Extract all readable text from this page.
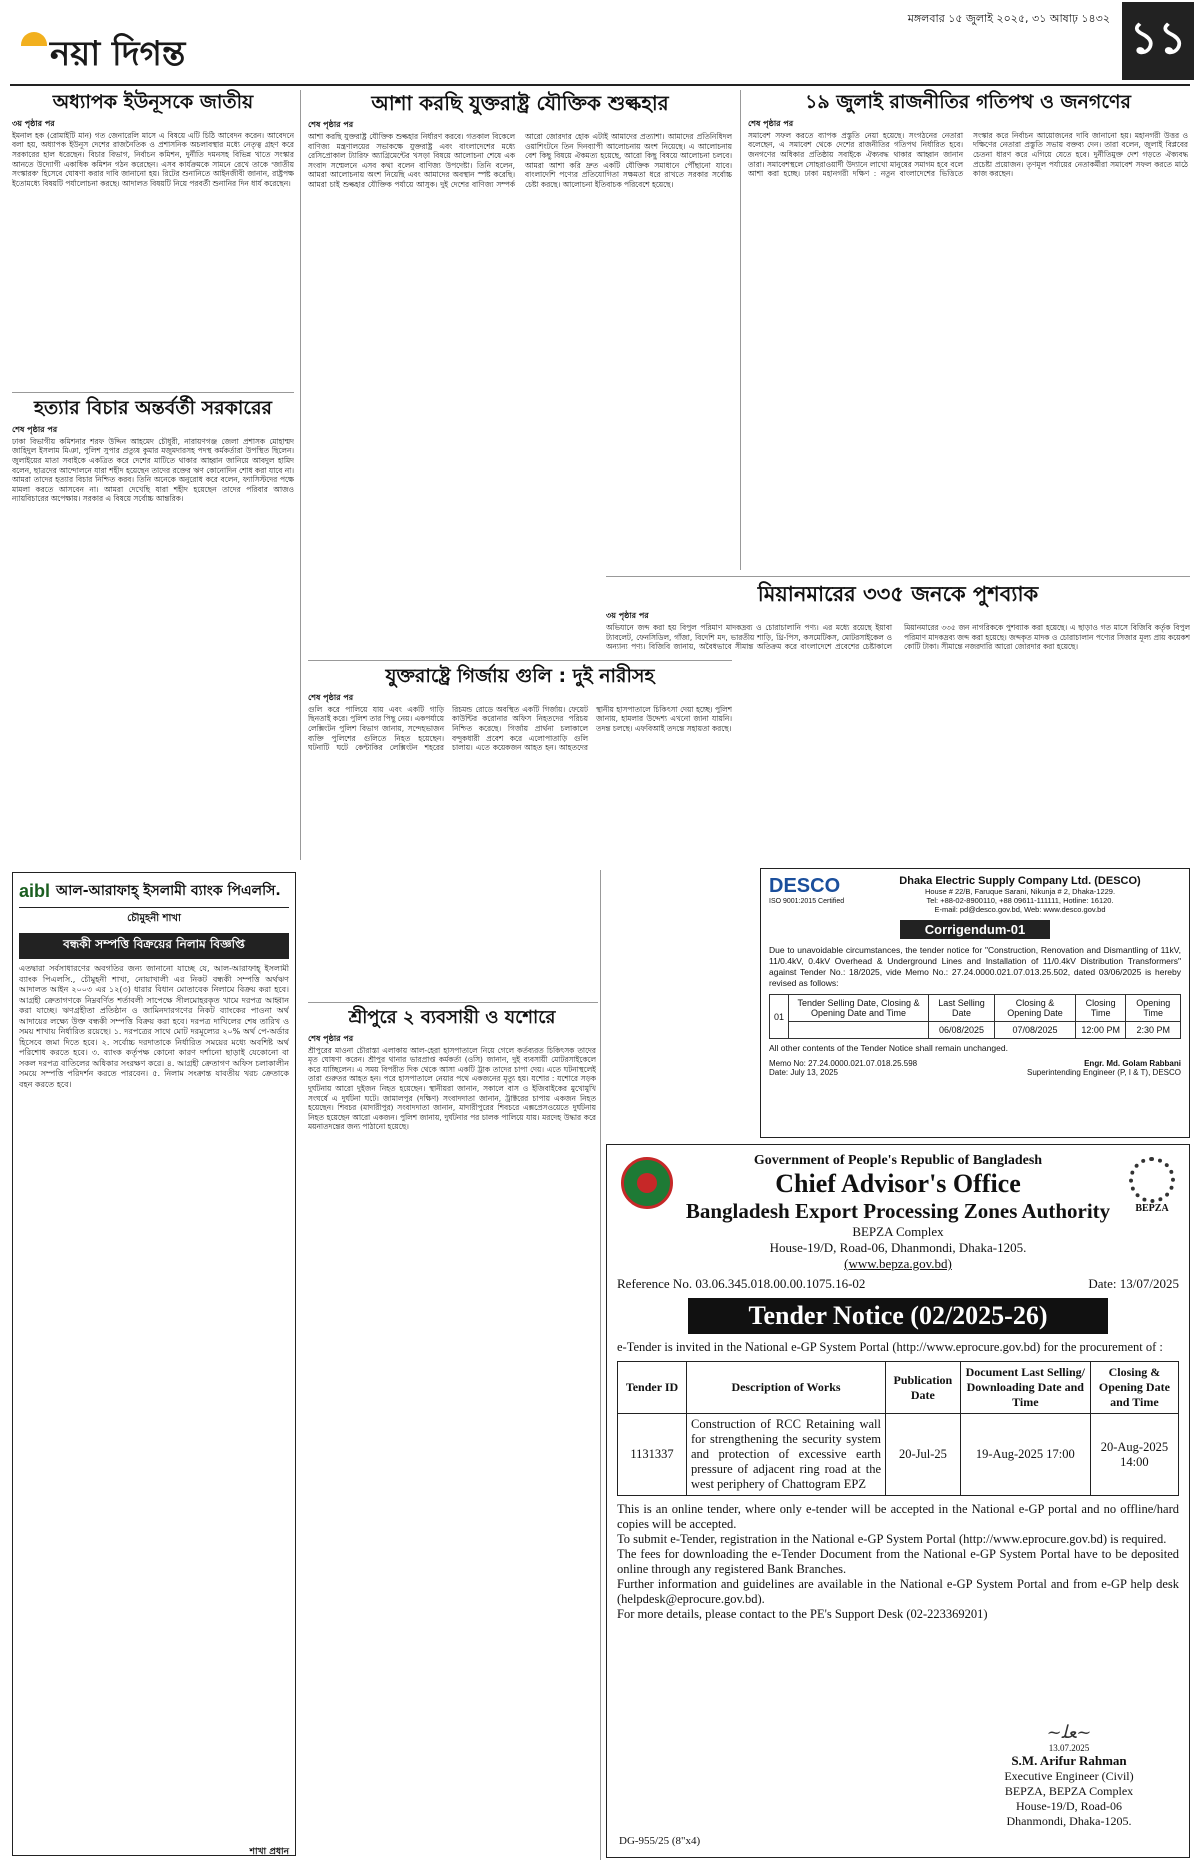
নয়া দিগন্ত
মঙ্গলবার ১৫ জুলাই ২০২৫, ৩১ আষাঢ় ১৪৩২ ১১
অধ্যাপক ইউনূসকে জাতীয়
৩য় পৃষ্ঠার পর
ইমনাল হক (রোমাইটি মান) গত জেনারেলি মাসে এ বিষয়ে এটি চিঠি আবেদন করেন। আবেদনে বলা হয়, অধ্যাপক ইউনূস দেশের রাজনৈতিক ও প্রশাসনিক অচলাবস্থার মধ্যে নেতৃত্ব গ্রহণ করে সরকারের হাল ধরেছেন। বিচার বিভাগ, নির্বাচন কমিশন, দুর্নীতি দমনসহ বিভিন্ন খাতে সংস্কার আনতে উদ্যোগী একাধিক কমিশন গঠন করেছেন। এসব কার্যক্রমকে সামনে রেখে তাকে 'জাতীয় সংস্কারক' হিসেবে ঘোষণা করার দাবি জানানো হয়। রিটের শুনানিতে আইনজীবী জানান, রাষ্ট্রপক্ষ ইতোমধ্যে বিষয়টি পর্যালোচনা করছে। আদালত বিষয়টি নিয়ে পরবর্তী শুনানির দিন ধার্য করেছেন।
হত্যার বিচার অন্তর্বর্তী সরকারের
শেষ পৃষ্ঠার পর
ঢাকা বিভাগীয় কমিশনার শরফ উদ্দিন আহমেদ চৌধুরী, নারায়ণগঞ্জ জেলা প্রশাসক মোহাম্মদ জাহিদুল ইসলাম মিঞা, পুলিশ সুপার প্রত্যুষ কুমার মজুমদারসহ পদস্থ কর্মকর্তারা উপস্থিত ছিলেন। জুলাইয়ের মাতা সবাইকে একত্রিত করে দেশের মাটিতে থাকার আহ্বান জানিয়ে আবদুল হামিদ বলেন, ছাত্রদের আন্দোলনে যারা শহীদ হয়েছেন তাদের রক্তের ঋণ কোনোদিন শোধ করা যাবে না। আমরা তাদের হত্যার বিচার নিশ্চিত করব। তিনি অনেকে অনুরোধ করে বলেন, ফ্যাসিস্টদের পক্ষে মামলা করতে আসবেন না। আমরা দেখেছি যারা শহীদ হয়েছেন তাদের পরিবার আজও ন্যায়বিচারের অপেক্ষায়। সরকার এ বিষয়ে সর্বোচ্চ আন্তরিক।
আশা করছি যুক্তরাষ্ট্র যৌক্তিক শুল্কহার
শেষ পৃষ্ঠার পর
আশা করছি যুক্তরাষ্ট্র যৌক্তিক শুল্কহার নির্ধারণ করবে। গতকাল বিকেলে বাণিজ্য মন্ত্রণালয়ের সভাকক্ষে যুক্তরাষ্ট্র এবং বাংলাদেশের মধ্যে রেসিপ্রোকাল ট্যারিফ অ্যাগ্রিমেন্টের খসড়া বিষয়ে আলোচনা শেষে এক সংবাদ সম্মেলনে এসব কথা বলেন বাণিজ্য উপদেষ্টা। তিনি বলেন, আমরা আলোচনায় অংশ নিয়েছি এবং আমাদের অবস্থান স্পষ্ট করেছি। আমরা চাই শুল্কহার যৌক্তিক পর্যায়ে আসুক। দুই দেশের বাণিজ্য সম্পর্ক আরো জোরদার হোক এটাই আমাদের প্রত্যাশা। আমাদের প্রতিনিধিদল ওয়াশিংটনে তিন দিনব্যাপী আলোচনায় অংশ নিয়েছে। এ আলোচনায় বেশ কিছু বিষয়ে ঐকমত্য হয়েছে, আরো কিছু বিষয়ে আলোচনা চলবে। আমরা আশা করি দ্রুত একটি যৌক্তিক সমাধানে পৌঁছানো যাবে। বাংলাদেশি পণ্যের প্রতিযোগিতা সক্ষমতা ধরে রাখতে সরকার সর্বোচ্চ চেষ্টা করছে। আলোচনা ইতিবাচক পরিবেশে হয়েছে।
যুক্তরাষ্ট্রে গির্জায় গুলি : দুই নারীসহ
শেষ পৃষ্ঠার পর
গুলি করে পালিয়ে যায় এবং একটি গাড়ি ছিনতাই করে। পুলিশ তার পিছু নেয়। একপর্যায়ে লেক্সিংটন পুলিশ বিভাগ জানায়, সন্দেহভাজন ব্যক্তি পুলিশের গুলিতে নিহত হয়েছেন। ঘটনাটি ঘটে কেন্টাকির লেক্সিংটন শহরের রিচমন্ড রোডে অবস্থিত একটি গির্জায়। ফেয়েট কাউন্টির করোনার অফিস নিহতদের পরিচয় নিশ্চিত করেছে। গির্জায় প্রার্থনা চলাকালে বন্দুকধারী প্রবেশ করে এলোপাতাড়ি গুলি চালায়। এতে কয়েকজন আহত হন। আহতদের স্থানীয় হাসপাতালে চিকিৎসা দেয়া হচ্ছে। পুলিশ জানায়, হামলার উদ্দেশ্য এখনো জানা যায়নি। তদন্ত চলছে। এফবিআই তদন্তে সহায়তা করছে।
শ্রীপুরে ২ ব্যবসায়ী ও যশোরে
শেষ পৃষ্ঠার পর
শ্রীপুরের মাওনা চৌরাস্তা এলাকায় আল-হেরা হাসপাতালে নিয়ে গেলে কর্তব্যরত চিকিৎসক তাদের মৃত ঘোষণা করেন। শ্রীপুর থানার ভারপ্রাপ্ত কর্মকর্তা (ওসি) জানান, দুই ব্যবসায়ী মোটরসাইকেলে করে যাচ্ছিলেন। এ সময় বিপরীত দিক থেকে আসা একটি ট্রাক তাদের চাপা দেয়। এতে ঘটনাস্থলেই তারা গুরুতর আহত হন। পরে হাসপাতালে নেয়ার পথে একজনের মৃত্যু হয়। যশোর : যশোরে সড়ক দুর্ঘটনায় আরো দুইজন নিহত হয়েছেন। স্থানীয়রা জানান, সকালে বাস ও ইজিবাইকের মুখোমুখি সংঘর্ষে এ দুর্ঘটনা ঘটে। জামালপুর (দক্ষিণ) সংবাদদাতা জানান, ট্রাক্টরের চাপায় একজন নিহত হয়েছেন। শিবচর (মাদারীপুর) সংবাদদাতা জানান, মাদারীপুরের শিবচরে এক্সপ্রেসওয়েতে দুর্ঘটনায় নিহত হয়েছেন আরো একজন। পুলিশ জানায়, দুর্ঘটনার পর চালক পালিয়ে যায়। মরদেহ উদ্ধার করে ময়নাতদন্তের জন্য পাঠানো হয়েছে।
১৯ জুলাই রাজনীতির গতিপথ ও জনগণের
শেষ পৃষ্ঠার পর
সমাবেশ সফল করতে ব্যাপক প্রস্তুতি নেয়া হয়েছে। সংগঠনের নেতারা বলেছেন, এ সমাবেশ থেকে দেশের রাজনীতির গতিপথ নির্ধারিত হবে। জনগণের অধিকার প্রতিষ্ঠায় সবাইকে ঐক্যবদ্ধ থাকার আহ্বান জানান তারা। সমাবেশস্থলে সোহরাওয়ার্দী উদ্যানে লাখো মানুষের সমাগম হবে বলে আশা করা হচ্ছে। ঢাকা মহানগরী দক্ষিণ : নতুন বাংলাদেশের ভিত্তিতে সংস্কার করে নির্বাচন আয়োজনের দাবি জানানো হয়। মহানগরী উত্তর ও দক্ষিণের নেতারা প্রস্তুতি সভায় বক্তব্য দেন। তারা বলেন, জুলাই বিপ্লবের চেতনা ধারণ করে এগিয়ে যেতে হবে। দুর্নীতিমুক্ত দেশ গড়তে ঐক্যবদ্ধ প্রচেষ্টা প্রয়োজন। তৃণমূল পর্যায়ের নেতাকর্মীরা সমাবেশ সফল করতে মাঠে কাজ করছেন।
মিয়ানমারের ৩৩৫ জনকে পুশব্যাক
৩য় পৃষ্ঠার পর
অভিযানে জব্দ করা হয় বিপুল পরিমাণ মাদকদ্রব্য ও চোরাচালানি পণ্য। এর মধ্যে রয়েছে ইয়াবা ট্যাবলেট, ফেনসিডিল, গাঁজা, বিদেশি মদ, ভারতীয় শাড়ি, থ্রি-পিস, কসমেটিকস, মোটরসাইকেল ও অন্যান্য পণ্য। বিজিবি জানায়, অবৈধভাবে সীমান্ত অতিক্রম করে বাংলাদেশে প্রবেশের চেষ্টাকালে মিয়ানমারের ৩৩৫ জন নাগরিককে পুশব্যাক করা হয়েছে। এ ছাড়াও গত মাসে বিজিবি কর্তৃক বিপুল পরিমাণ মাদকদ্রব্য জব্দ করা হয়েছে। জব্দকৃত মাদক ও চোরাচালান পণ্যের সিজার মূল্য প্রায় কয়েকশ কোটি টাকা। সীমান্তে নজরদারি আরো জোরদার করা হয়েছে।
DESCO
ISO 9001:2015 Certified
Dhaka Electric Supply Company Ltd. (DESCO)
House # 22/B, Faruque Sarani, Nikunja # 2, Dhaka-1229.
Tel: +88-02-8900110, +88 09611-111111, Hotline: 16120.
E-mail: pd@desco.gov.bd, Web: www.desco.gov.bd
Corrigendum-01
Due to unavoidable circumstances, the tender notice for "Construction, Renovation and Dismantling of 11kV, 11/0.4kV, 0.4kV Overhead & Underground Lines and Installation of 11/0.4kV Distribution Transformers" against Tender No.: 18/2025, vide Memo No.: 27.24.0000.021.07.013.25.502, dated 03/06/2025 is hereby revised as follows:
01	Tender Selling Date, Closing & Opening Date and Time	Last Selling Date	Closing & Opening Date	Closing Time	Opening Time
		06/08/2025	07/08/2025	12:00 PM	2:30 PM
All other contents of the Tender Notice shall remain unchanged.
Memo No: 27.24.0000.021.07.018.25.598
Date: July 13, 2025
Engr. Md. Golam Rabbani
Superintending Engineer (P, I & T), DESCO
aibl আল-আরাফাহ্ ইসলামী ব্যাংক পিএলসি.
চৌমুহনী শাখা
বন্ধকী সম্পত্তি বিক্রয়ের নিলাম বিজ্ঞপ্তি
এতদ্বারা সর্বসাধারণের অবগতির জন্য জানানো যাচ্ছে যে, আল-আরাফাহ্ ইসলামী ব্যাংক পিএলসি., চৌমুহনী শাখা, নোয়াখালী এর নিকট বন্ধকী সম্পত্তি অর্থঋণ আদালত আইন ২০০৩ এর ১২(৩) ধারার বিধান মোতাবেক নিলামে বিক্রয় করা হবে। আগ্রহী ক্রেতাগণকে নিম্নবর্ণিত শর্তাবলী সাপেক্ষে সীলমোহরকৃত খামে দরপত্র আহ্বান করা যাচ্ছে। ঋণগ্রহীতা প্রতিষ্ঠান ও জামিনদারগণের নিকট ব্যাংকের পাওনা অর্থ আদায়ের লক্ষ্যে উক্ত বন্ধকী সম্পত্তি বিক্রয় করা হবে। দরপত্র দাখিলের শেষ তারিখ ও সময় শাখায় নির্ধারিত রয়েছে। ১. দরপত্রের সাথে মোট দরমূল্যের ২০% অর্থ পে-অর্ডার হিসেবে জমা দিতে হবে। ২. সর্বোচ্চ দরদাতাকে নির্ধারিত সময়ের মধ্যে অবশিষ্ট অর্থ পরিশোধ করতে হবে। ৩. ব্যাংক কর্তৃপক্ষ কোনো কারণ দর্শানো ছাড়াই যেকোনো বা সকল দরপত্র বাতিলের অধিকার সংরক্ষণ করে। ৪. আগ্রহী ক্রেতাগণ অফিস চলাকালীন সময়ে সম্পত্তি পরিদর্শন করতে পারবেন। ৫. নিলাম সংক্রান্ত যাবতীয় খরচ ক্রেতাকে বহন করতে হবে।
শাখা প্রধান
BEPZA
Government of People's Republic of Bangladesh
Chief Advisor's Office
Bangladesh Export Processing Zones Authority
BEPZA Complex
House-19/D, Road-06, Dhanmondi, Dhaka-1205.
(www.bepza.gov.bd)
Reference No. 03.06.345.018.00.00.1075.16-02	Date: 13/07/2025
Tender Notice (02/2025-26)
e-Tender is invited in the National e-GP System Portal (http://www.eprocure.gov.bd) for the procurement of :
Tender ID	Description of Works	Publication Date	Document Last Selling/ Downloading Date and Time	Closing & Opening Date and Time
1131337	Construction of RCC Retaining wall for strengthening the security system and protection of excessive earth pressure of adjacent ring road at the west periphery of Chattogram EPZ	20-Jul-25	19-Aug-2025 17:00	20-Aug-2025 14:00
This is an online tender, where only e-tender will be accepted in the National e-GP portal and no offline/hard copies will be accepted.
To submit e-Tender, registration in the National e-GP System Portal (http://www.eprocure.gov.bd) is required.
The fees for downloading the e-Tender Document from the National e-GP System Portal have to be deposited online through any registered Bank Branches.
Further information and guidelines are available in the National e-GP System Portal and from e-GP help desk (helpdesk@eprocure.gov.bd).
For more details, please contact to the PE's Support Desk (02-223369201)
~ﻌﻠ~
13.07.2025
S.M. Arifur Rahman
Executive Engineer (Civil)
BEPZA, BEPZA Complex
House-19/D, Road-06
Dhanmondi, Dhaka-1205.
DG-955/25 (8"x4)
